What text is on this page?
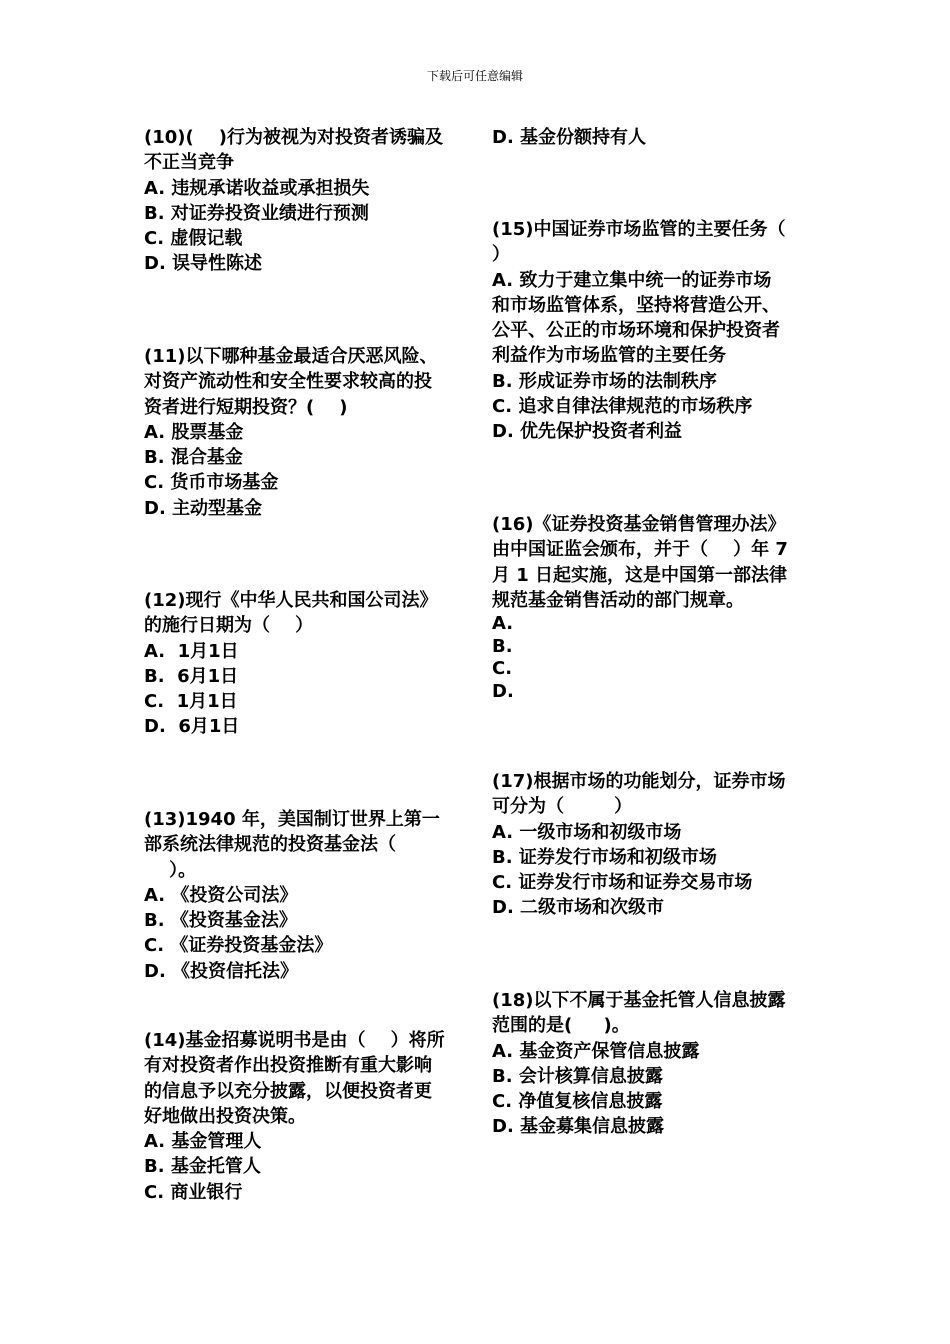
下载后可任意编辑
(10)(    )行为被视为对投资者诱骗及
不正当竞争
A. 违规承诺收益或承担损失
B. 对证券投资业绩进行预测
C. 虚假记载
D. 误导性陈述
(11)以下哪种基金最适合厌恶风险、
对资产流动性和安全性要求较高的投
资者进行短期投资？(    )
A. 股票基金
B. 混合基金
C. 货币市场基金
D. 主动型基金
(12)现行《中华人民共和国公司法》
的施行日期为（    ）
A.  1月1日
B.  6月1日
C.  1月1日
D.  6月1日
(13)1940 年，美国制订世界上第一
部系统法律规范的投资基金法（
）。
A. 《投资公司法》
B. 《投资基金法》
C. 《证券投资基金法》
D. 《投资信托法》
(14)基金招募说明书是由（    ）将所
有对投资者作出投资推断有重大影响
的信息予以充分披露，以便投资者更
好地做出投资决策。
A. 基金管理人
B. 基金托管人
C. 商业银行
D. 基金份额持有人
(15)中国证券市场监管的主要任务（
）
A. 致力于建立集中统一的证券市场
和市场监管体系，坚持将营造公开、
公平、公正的市场环境和保护投资者
利益作为市场监管的主要任务
B. 形成证券市场的法制秩序
C. 追求自律法律规范的市场秩序
D. 优先保护投资者利益
(16)《证券投资基金销售管理办法》
由中国证监会颁布，并于（    ）年 7
月 1 日起实施，这是中国第一部法律
规范基金销售活动的部门规章。
A.
B.
C.
D.
(17)根据市场的功能划分，证券市场
可分为（        ）
A. 一级市场和初级市场
B. 证券发行市场和初级市场
C. 证券发行市场和证券交易市场
D. 二级市场和次级市
(18)以下不属于基金托管人信息披露
范围的是(     )。
A. 基金资产保管信息披露
B. 会计核算信息披露
C. 净值复核信息披露
D. 基金募集信息披露
